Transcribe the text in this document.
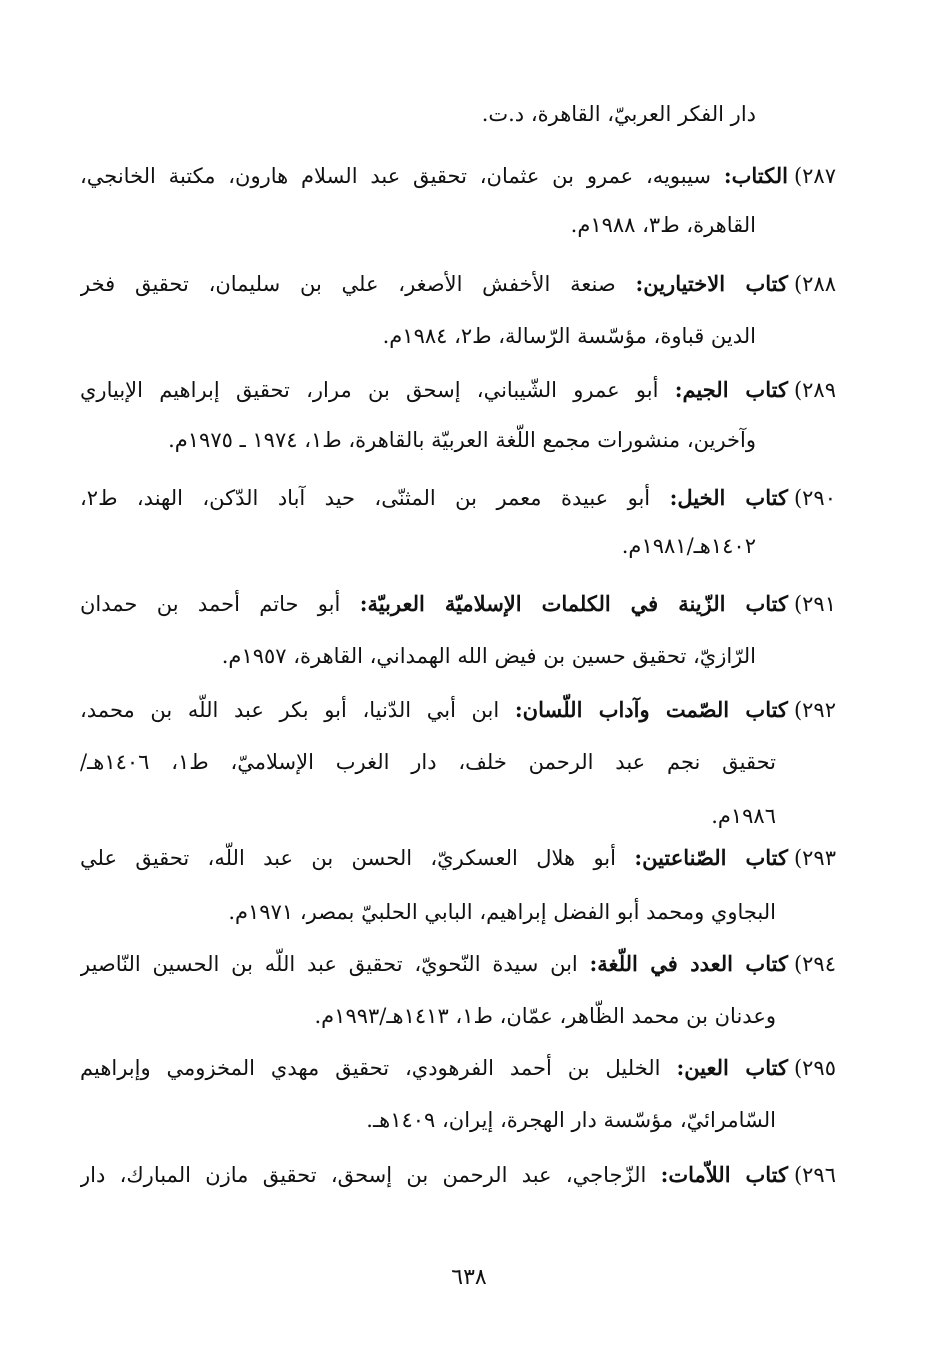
دار الفكر العربيّ، القاهرة، د.ت.
٢٨٧)الكتاب: سيبويه، عمرو بن عثمان، تحقيق عبد السلام هارون، مكتبة الخانجي،
القاهرة، ط٣، ١٩٨٨م.
٢٨٨)كتاب الاختيارين: صنعة الأخفش الأصغر، علي بن سليمان، تحقيق فخر
الدين قباوة، مؤسّسة الرّسالة، ط٢، ١٩٨٤م.
٢٨٩)كتاب الجيم: أبو عمرو الشّيباني، إسحق بن مرار، تحقيق إبراهيم الإبياري
وآخرين، منشورات مجمع اللّغة العربيّة بالقاهرة، ط١، ١٩٧٤ ـ ١٩٧٥م.
٢٩٠)كتاب الخيل: أبو عبيدة معمر بن المثنّى، حيد آباد الدّكن، الهند، ط٢،
١٤٠٢هـ/١٩٨١م.
٢٩١)كتاب الزّينة في الكلمات الإسلاميّة العربيّة: أبو حاتم أحمد بن حمدان
الرّازيّ، تحقيق حسين بن فيض الله الهمداني، القاهرة، ١٩٥٧م.
٢٩٢)كتاب الصّمت وآداب اللّسان: ابن أبي الدّنيا، أبو بكر عبد اللّه بن محمد،
تحقيق نجم عبد الرحمن خلف، دار الغرب الإسلاميّ، ط١، ١٤٠٦هـ/
١٩٨٦م.
٢٩٣)كتاب الصّناعتين: أبو هلال العسكريّ، الحسن بن عبد اللّه، تحقيق علي
البجاوي ومحمد أبو الفضل إبراهيم، البابي الحلبيّ بمصر، ١٩٧١م.
٢٩٤)كتاب العدد في اللّغة: ابن سيدة النّحويّ، تحقيق عبد اللّه بن الحسين النّاصير
وعدنان بن محمد الظّاهر، عمّان، ط١، ١٤١٣هـ/١٩٩٣م.
٢٩٥)كتاب العين: الخليل بن أحمد الفرهودي، تحقيق مهدي المخزومي وإبراهيم
السّامرائيّ، مؤسّسة دار الهجرة، إيران، ١٤٠٩هـ.
٢٩٦)كتاب اللاّمات: الزّجاجي، عبد الرحمن بن إسحق، تحقيق مازن المبارك، دار
٦٣٨
